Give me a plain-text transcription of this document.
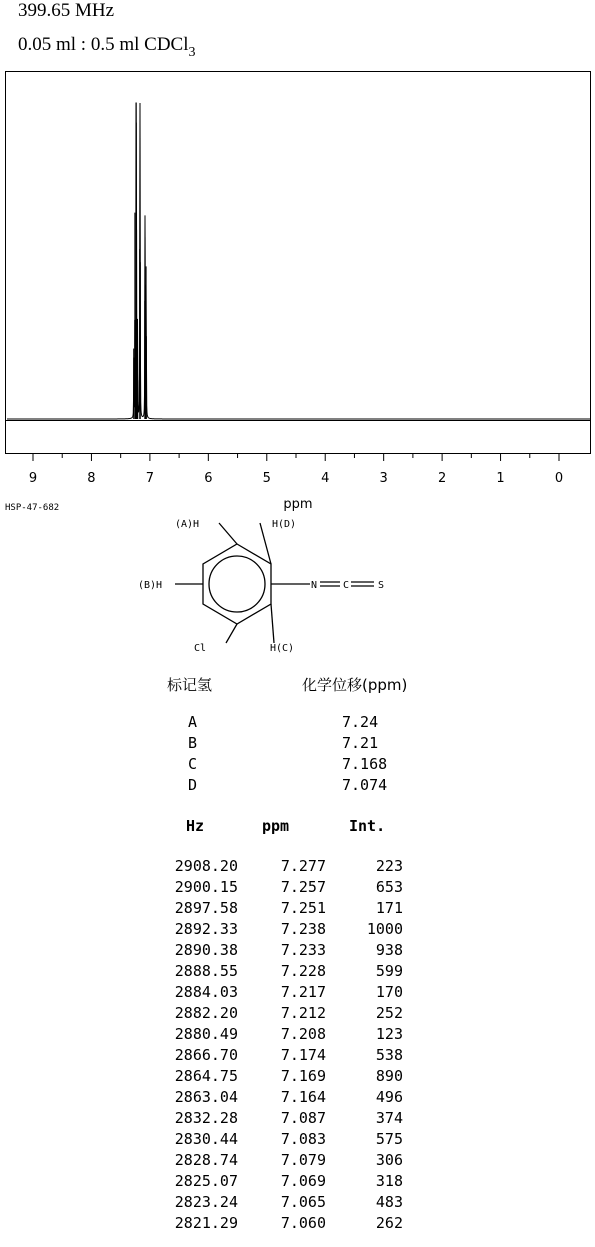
399.65 MHz
0.05 ml : 0.5 ml CDCl$_3$
9	8	7	6	5	4	3	2	1	0
ppm
HSP-47-682
(A)H	H(D)
(B)H
Cl	H(C)
N	C	S
标记氢	化学位移(ppm)
A	7.24
B	7.21
C	7.168
D	7.074
Hz	ppm	Int.
2908.20	7.277	223
2900.15	7.257	653
2897.58	7.251	171
2892.33	7.238	1000
2890.38	7.233	938
2888.55	7.228	599
2884.03	7.217	170
2882.20	7.212	252
2880.49	7.208	123
2866.70	7.174	538
2864.75	7.169	890
2863.04	7.164	496
2832.28	7.087	374
2830.44	7.083	575
2828.74	7.079	306
2825.07	7.069	318
2823.24	7.065	483
2821.29	7.060	262
